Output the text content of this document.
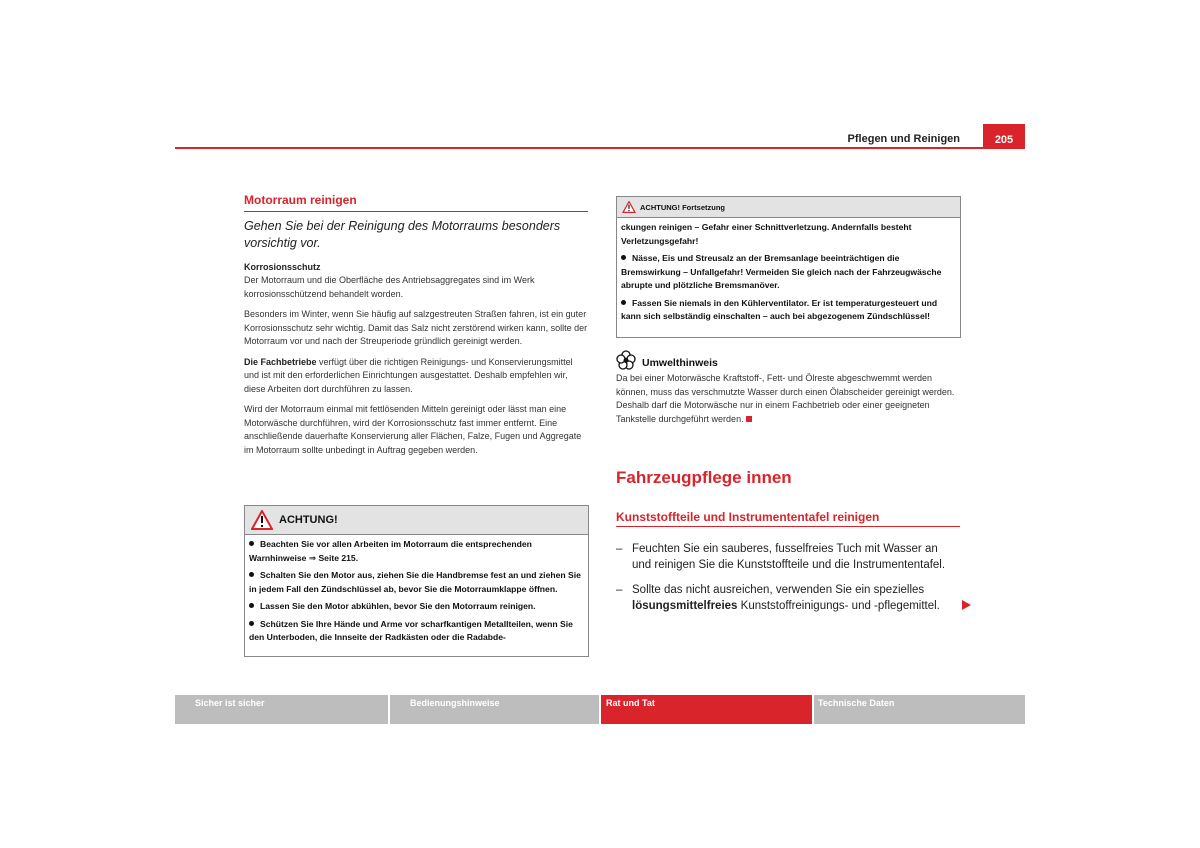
Pflegen und Reinigen	205
Motorraum reinigen

Gehen Sie bei der Reinigung des Motorraums besonders vorsichtig vor.

Korrosionsschutz

Der Motorraum und die Oberfläche des Antriebsaggregates sind im Werk korrosionsschützend behandelt worden.

Besonders im Winter, wenn Sie häufig auf salzgestreuten Straßen fahren, ist ein guter Korrosionsschutz sehr wichtig. Damit das Salz nicht zerstörend wirken kann, sollte der Motorraum vor und nach der Streuperiode gründlich gereinigt werden.

Die Fachbetriebe verfügt über die richtigen Reinigungs- und Konservierungsmittel und ist mit den erforderlichen Einrichtungen ausgestattet. Deshalb empfehlen wir, diese Arbeiten dort durchführen zu lassen.

Wird der Motorraum einmal mit fettlösenden Mitteln gereinigt oder lässt man eine Motorwäsche durchführen, wird der Korrosionsschutz fast immer entfernt. Eine anschließende dauerhafte Konservierung aller Flächen, Falze, Fugen und Aggregate im Motorraum sollte unbedingt in Auftrag gegeben werden.

ACHTUNG!
Beachten Sie vor allen Arbeiten im Motorraum die entsprechenden Warnhinweise ⇒ Seite 215.
Schalten Sie den Motor aus, ziehen Sie die Handbremse fest an und ziehen Sie in jedem Fall den Zündschlüssel ab, bevor Sie die Motorraumklappe öffnen.
Lassen Sie den Motor abkühlen, bevor Sie den Motorraum reinigen.
Schützen Sie Ihre Hände und Arme vor scharfkantigen Metallteilen, wenn Sie den Unterboden, die Innseite der Radkästen oder die Radabde-
ACHTUNG! Fortsetzung
ckungen reinigen – Gefahr einer Schnittverletzung. Andernfalls besteht Verletzungsgefahr!
Nässe, Eis und Streusalz an der Bremsanlage beeinträchtigen die Bremswirkung – Unfallgefahr! Vermeiden Sie gleich nach der Fahrzeugwäsche abrupte und plötzliche Bremsmanöver.
Fassen Sie niemals in den Kühlerventilator. Er ist temperaturgesteuert und kann sich selbständig einschalten – auch bei abgezogenem Zündschlüssel!
Umwelthinweis

Da bei einer Motorwäsche Kraftstoff-, Fett- und Ölreste abgeschwemmt werden können, muss das verschmutzte Wasser durch einen Ölabscheider gereinigt werden. Deshalb darf die Motorwäsche nur in einem Fachbetrieb oder einer geeigneten Tankstelle durchgeführt werden.

Fahrzeugpflege innen
Kunststoffteile und Instrumententafel reinigen
– Feuchten Sie ein sauberes, fusselfreies Tuch mit Wasser an und reinigen Sie die Kunststoffteile und die Instrumententafel.
– Sollte das nicht ausreichen, verwenden Sie ein spezielles lösungsmittelfreies Kunststoffreinigungs- und -pflegemittel.
Sicher ist sicher	Bedienungshinweise	Rat und Tat	Technische Daten
